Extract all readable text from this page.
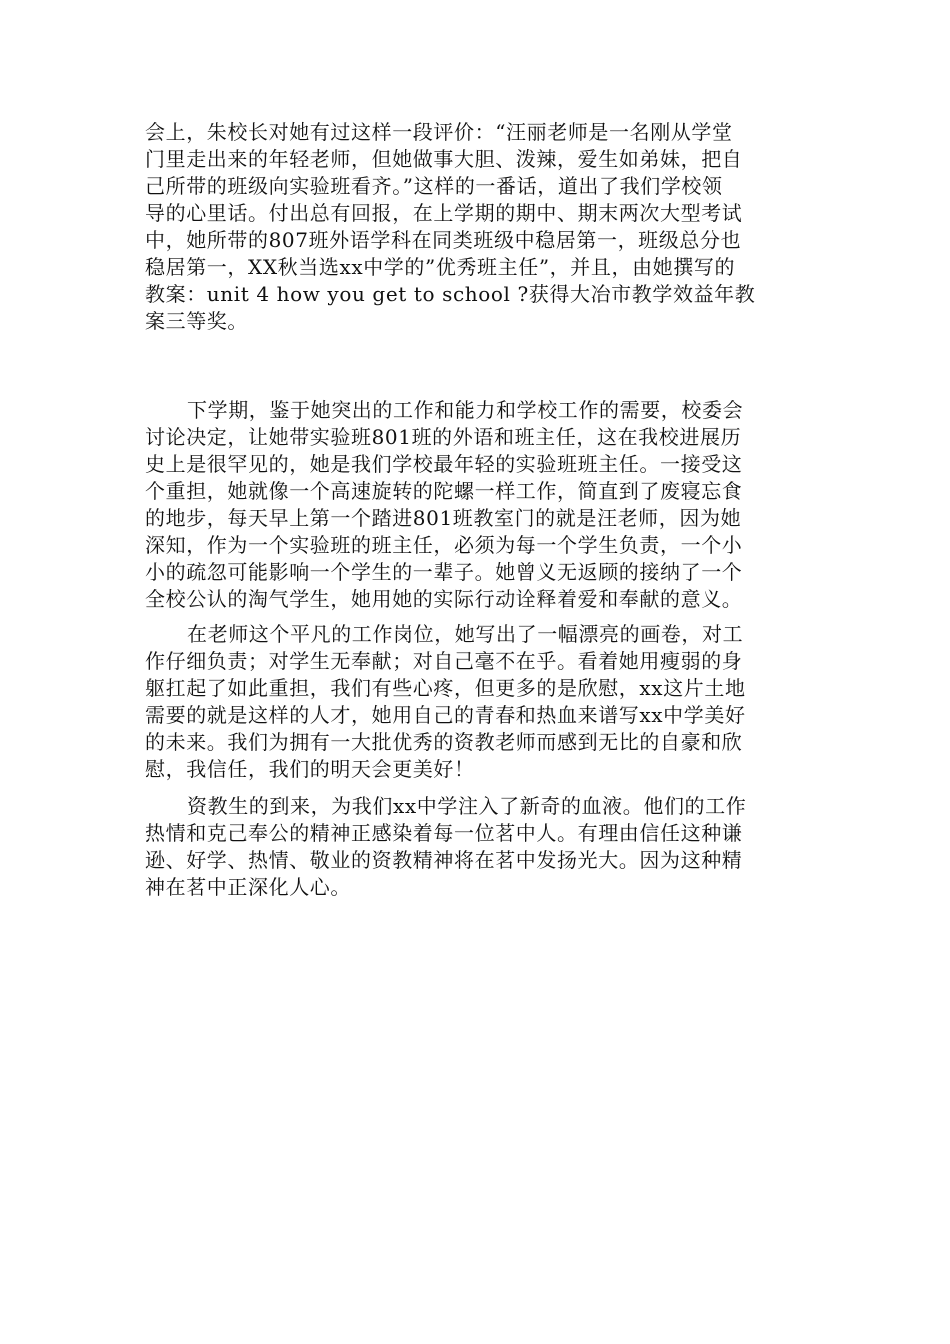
会上，朱校长对她有过这样一段评价：“汪丽老师是一名刚从学堂
门里走出来的年轻老师，但她做事大胆、泼辣，爱生如弟妹，把自
己所带的班级向实验班看齐。”这样的一番话，道出了我们学校领
导的心里话。付出总有回报，在上学期的期中、期末两次大型考试
中，她所带的807班外语学科在同类班级中稳居第一，班级总分也
稳居第一，XX秋当选xx中学的”优秀班主任”，并且，由她撰写的
教案：unit 4 how you get to school ?获得大冶市教学效益年教
案三等奖。
下学期，鉴于她突出的工作和能力和学校工作的需要，校委会
讨论决定，让她带实验班801班的外语和班主任，这在我校进展历
史上是很罕见的，她是我们学校最年轻的实验班班主任。一接受这
个重担，她就像一个高速旋转的陀螺一样工作，简直到了废寝忘食
的地步，每天早上第一个踏进801班教室门的就是汪老师，因为她
深知，作为一个实验班的班主任，必须为每一个学生负责，一个小
小的疏忽可能影响一个学生的一辈子。她曾义无返顾的接纳了一个
全校公认的淘气学生，她用她的实际行动诠释着爱和奉献的意义。
在老师这个平凡的工作岗位，她写出了一幅漂亮的画卷，对工
作仔细负责；对学生无奉献；对自己毫不在乎。看着她用瘦弱的身
躯扛起了如此重担，我们有些心疼，但更多的是欣慰，xx这片土地
需要的就是这样的人才，她用自己的青春和热血来谱写xx中学美好
的未来。我们为拥有一大批优秀的资教老师而感到无比的自豪和欣
慰，我信任，我们的明天会更美好！
资教生的到来，为我们xx中学注入了新奇的血液。他们的工作
热情和克己奉公的精神正感染着每一位茗中人。有理由信任这种谦
逊、好学、热情、敬业的资教精神将在茗中发扬光大。因为这种精
神在茗中正深化人心。
